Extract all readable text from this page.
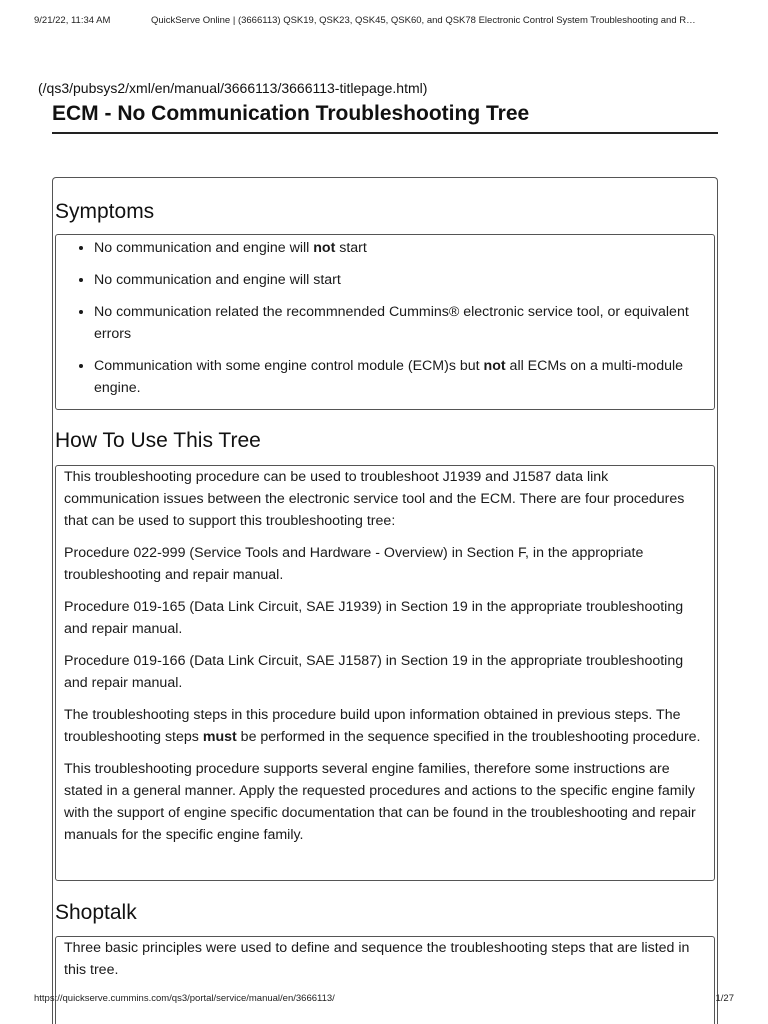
9/21/22, 11:34 AM	QuickServe Online | (3666113) QSK19, QSK23, QSK45, QSK60, and QSK78 Electronic Control System Troubleshooting and R…
(/qs3/pubsys2/xml/en/manual/3666113/3666113-titlepage.html)
ECM - No Communication Troubleshooting Tree
Symptoms
• No communication and engine will not start
• No communication and engine will start
• No communication related the recommnended Cummins® electronic service tool, or equivalent errors
• Communication with some engine control module (ECM)s but not all ECMs on a multi-module engine.
How To Use This Tree

This troubleshooting procedure can be used to troubleshoot J1939 and J1587 data link communication issues between the electronic service tool and the ECM. There are four procedures that can be used to support this troubleshooting tree:

Procedure 022-999 (Service Tools and Hardware - Overview) in Section F, in the appropriate troubleshooting and repair manual.

Procedure 019-165 (Data Link Circuit, SAE J1939) in Section 19 in the appropriate troubleshooting and repair manual.

Procedure 019-166 (Data Link Circuit, SAE J1587) in Section 19 in the appropriate troubleshooting and repair manual.

The troubleshooting steps in this procedure build upon information obtained in previous steps. The troubleshooting steps must be performed in the sequence specified in the troubleshooting procedure.

This troubleshooting procedure supports several engine families, therefore some instructions are stated in a general manner. Apply the requested procedures and actions to the specific engine family with the support of engine specific documentation that can be found in the troubleshooting and repair manuals for the specific engine family.

Shoptalk

Three basic principles were used to define and sequence the troubleshooting steps that are listed in this tree.

https://quickserve.cummins.com/qs3/portal/service/manual/en/3666113/	1/27
